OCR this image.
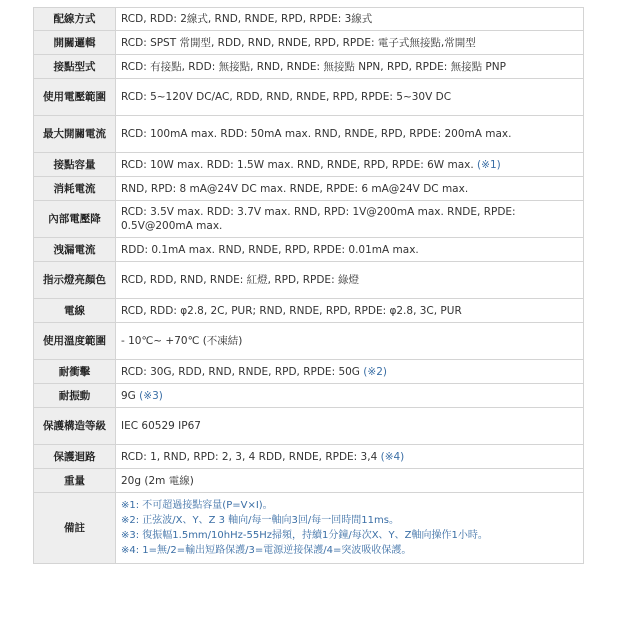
配線方式	RCD, RDD: 2線式, RND, RNDE, RPD, RPDE: 3線式
開關邏輯	RCD: SPST 常開型, RDD, RND, RNDE, RPD, RPDE: 電子式無接點,常開型
接點型式	RCD: 有接點, RDD: 無接點, RND, RNDE: 無接點 NPN, RPD, RPDE: 無接點 PNP
使用電壓範圍	RCD: 5~120V DC/AC, RDD, RND, RNDE, RPD, RPDE: 5~30V DC
最大開關電流	RCD: 100mA max. RDD: 50mA max. RND, RNDE, RPD, RPDE: 200mA max.
接點容量	RCD: 10W max. RDD: 1.5W max. RND, RNDE, RPD, RPDE: 6W max. (※1)
消耗電流	RND, RPD: 8 mA@24V DC max. RNDE, RPDE: 6 mA@24V DC max.
內部電壓降	RCD: 3.5V max. RDD: 3.7V max. RND, RPD: 1V@200mA max. RNDE, RPDE: 0.5V@200mA max.
洩漏電流	RDD: 0.1mA max. RND, RNDE, RPD, RPDE: 0.01mA max.
指示燈亮顏色	RCD, RDD, RND, RNDE: 紅燈, RPD, RPDE: 綠燈
電線	RCD, RDD: φ2.8, 2C, PUR; RND, RNDE, RPD, RPDE: φ2.8, 3C, PUR
使用溫度範圍	- 10℃~ +70℃ (不凍結)
耐衝擊	RCD: 30G, RDD, RND, RNDE, RPD, RPDE: 50G (※2)
耐振動	9G (※3)
保護構造等級	IEC 60529 IP67
保護迴路	RCD: 1, RND, RPD: 2, 3, 4 RDD, RNDE, RPDE: 3,4 (※4)
重量	20g (2m 電線)
備註	※1: 不可超過接點容量(P=V×I)。
※2: 正弦波/X、Y、Z 3 軸向/每一軸向3回/每一回時間11ms。
※3: 復振幅1.5mm/10hHz-55Hz掃頻，持續1分鐘/每次X、Y、Z軸向操作1小時。
※4: 1=無/2=輸出短路保護/3=電源逆接保護/4=突波吸收保護。
